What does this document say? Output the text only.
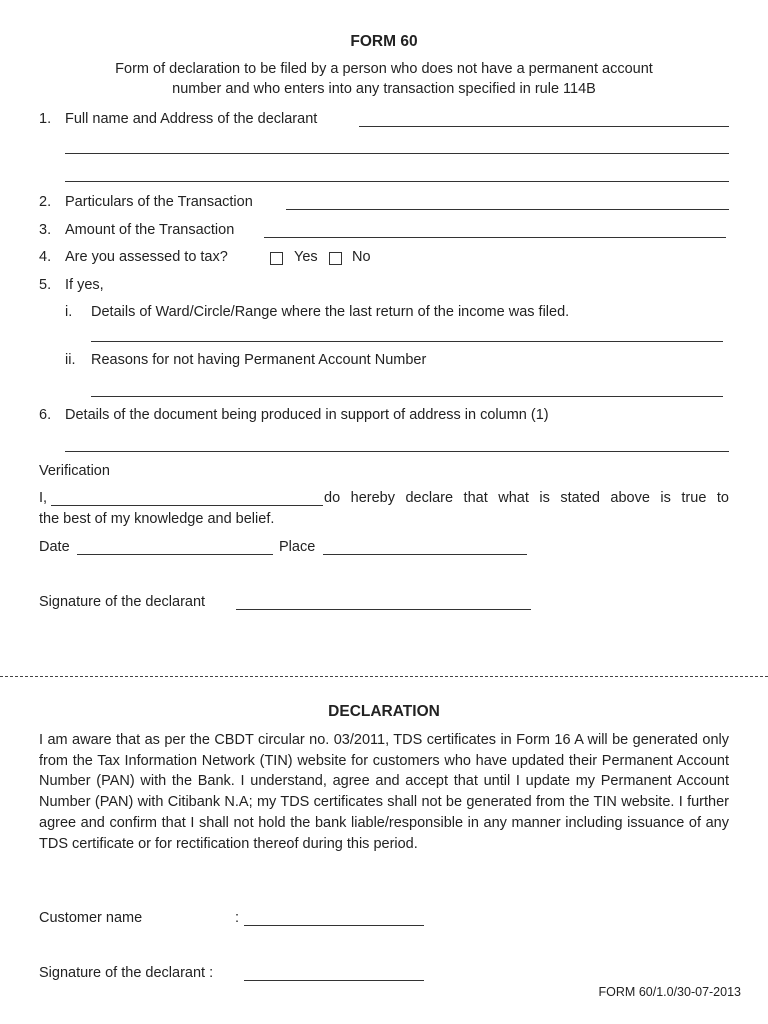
FORM 60
Form of declaration to be filed by a person who does not have a permanent account
number and who enters into any transaction specified in rule 114B
1. Full name and Address of the declarant
2. Particulars of the Transaction
3. Amount of the Transaction
4. Are you assessed to tax?	Yes No
5. If yes,
i. Details of Ward/Circle/Range where the last return of the income was filed.
ii. Reasons for not having Permanent Account Number
6. Details of the document being produced in support of address in column (1)
Verification
I,	do hereby declare that what is stated above is true to
the best of my knowledge and belief.
Date	Place
Signature of the declarant
DECLARATION
I am aware that as per the CBDT circular no. 03/2011, TDS certificates in Form 16 A will be generated only from the Tax Information Network (TIN) website for customers who have updated their Permanent Account Number (PAN) with the Bank. I understand, agree and accept that until I update my Permanent Account Number (PAN) with Citibank N.A; my TDS certificates shall not be generated from the TIN website. I further agree and confirm that I shall not hold the bank liable/responsible in any manner including issuance of any TDS certificate or for rectification thereof during this period.
Customer name	:
Signature of the declarant :
FORM 60/1.0/30-07-2013
